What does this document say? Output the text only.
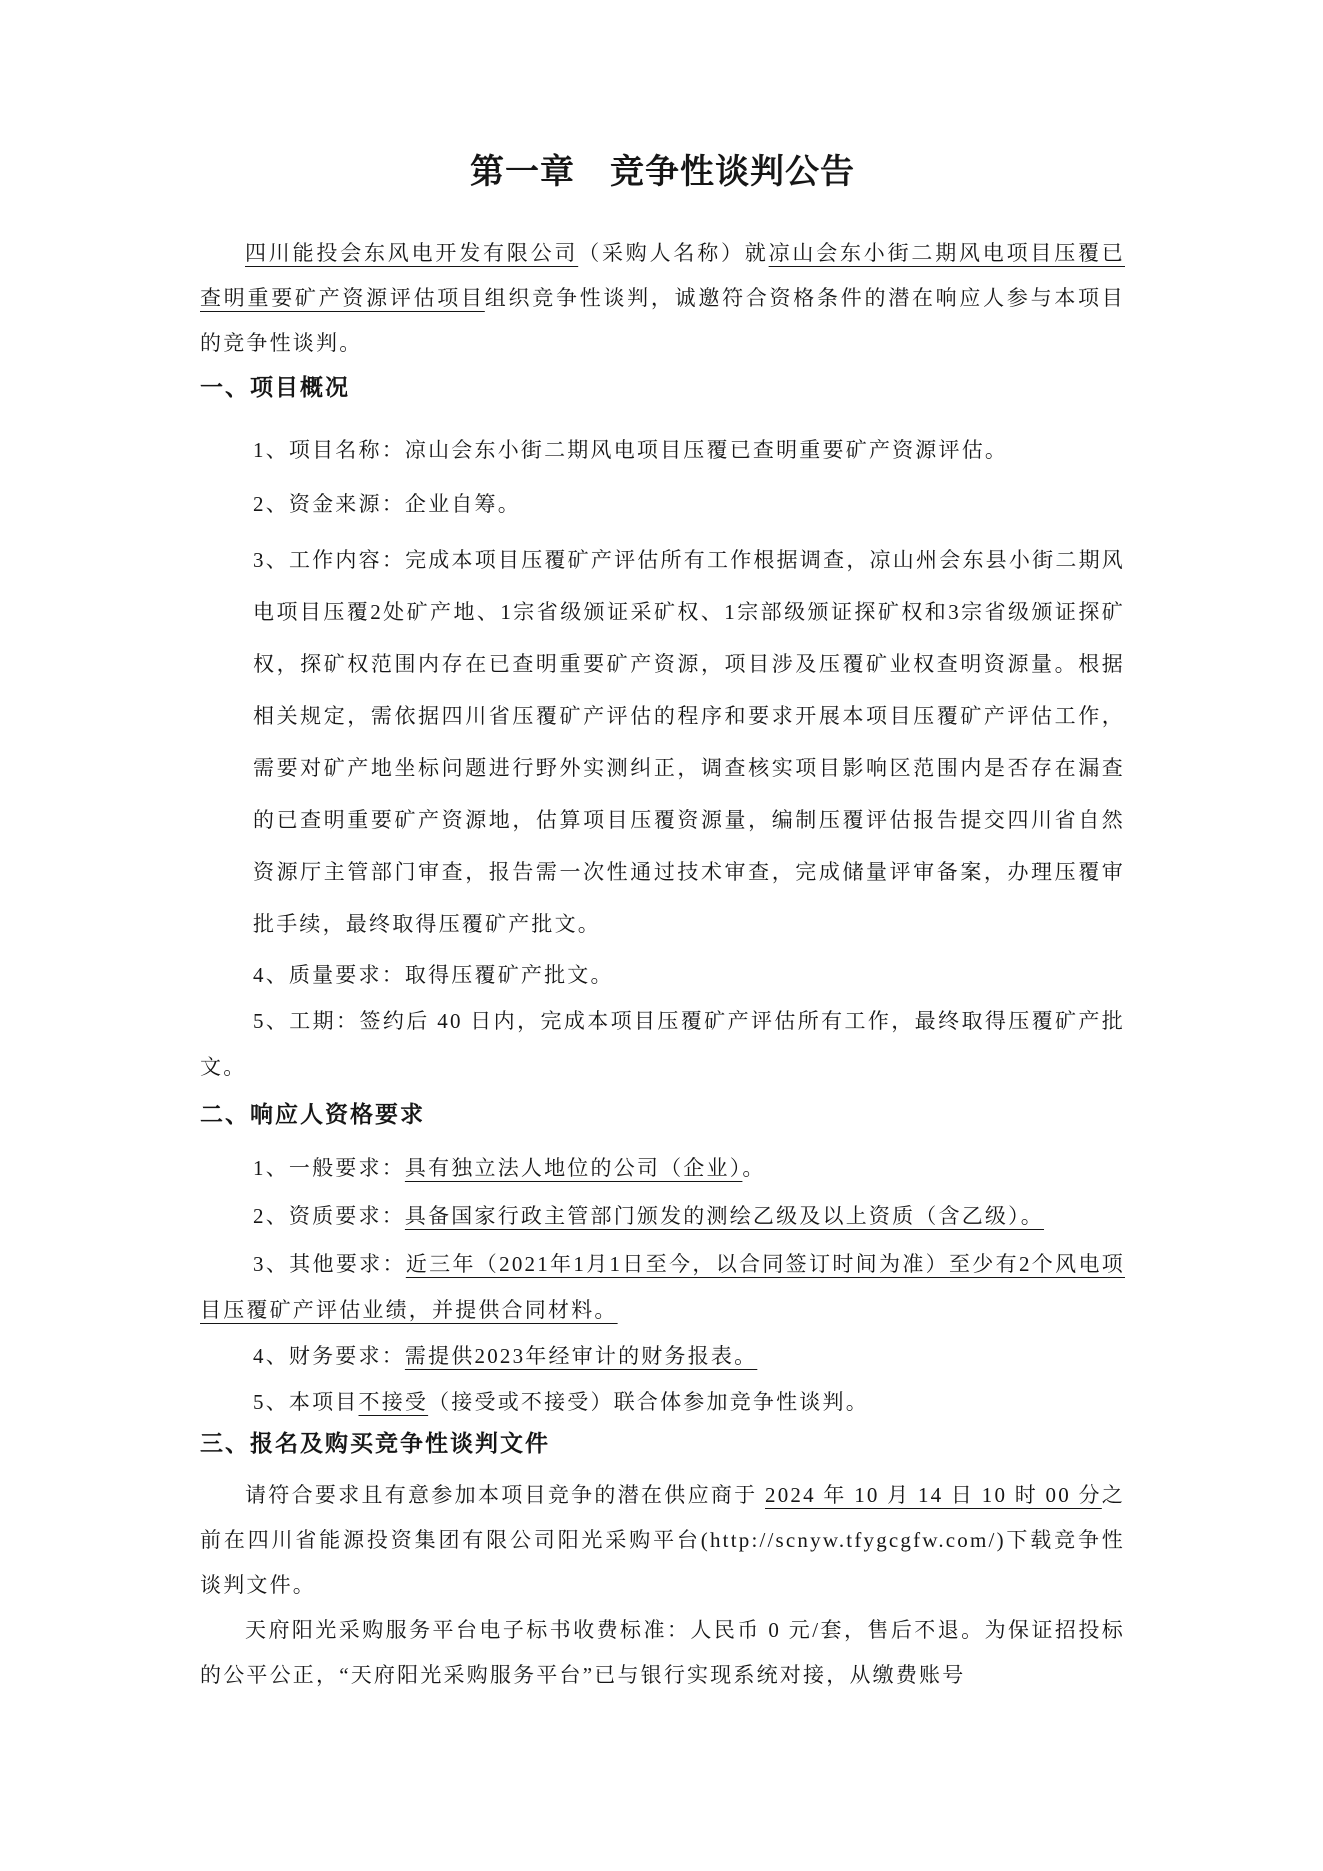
第一章　竞争性谈判公告

四川能投会东风电开发有限公司（采购人名称）就凉山会东小街二期风电项目压覆已查明重要矿产资源评估项目组织竞争性谈判，诚邀符合资格条件的潜在响应人参与本项目的竞争性谈判。

一、项目概况

1、项目名称：凉山会东小街二期风电项目压覆已查明重要矿产资源评估。

2、资金来源：企业自筹。

3、工作内容：完成本项目压覆矿产评估所有工作根据调查，凉山州会东县小街二期风电项目压覆2处矿产地、1宗省级颁证采矿权、1宗部级颁证探矿权和3宗省级颁证探矿权，探矿权范围内存在已查明重要矿产资源，项目涉及压覆矿业权查明资源量。根据相关规定，需依据四川省压覆矿产评估的程序和要求开展本项目压覆矿产评估工作，需要对矿产地坐标问题进行野外实测纠正，调查核实项目影响区范围内是否存在漏查的已查明重要矿产资源地，估算项目压覆资源量，编制压覆评估报告提交四川省自然资源厅主管部门审查，报告需一次性通过技术审查，完成储量评审备案，办理压覆审批手续，最终取得压覆矿产批文。

4、质量要求：取得压覆矿产批文。

5、工期：签约后 40 日内，完成本项目压覆矿产评估所有工作，最终取得压覆矿产批文。

二、响应人资格要求

1、一般要求：具有独立法人地位的公司（企业）。

2、资质要求：具备国家行政主管部门颁发的测绘乙级及以上资质（含乙级）。

3、其他要求：近三年（2021年1月1日至今，以合同签订时间为准）至少有2个风电项目压覆矿产评估业绩，并提供合同材料。

4、财务要求：需提供2023年经审计的财务报表。

5、本项目不接受（接受或不接受）联合体参加竞争性谈判。

三、报名及购买竞争性谈判文件

请符合要求且有意参加本项目竞争的潜在供应商于 2024 年 10 月 14 日 10 时 00 分之前在四川省能源投资集团有限公司阳光采购平台(http://scnyw.tfygcgfw.com/)下载竞争性谈判文件。

天府阳光采购服务平台电子标书收费标准：人民币 0 元/套，售后不退。为保证招投标的公平公正，“天府阳光采购服务平台”已与银行实现系统对接，从缴费账号
